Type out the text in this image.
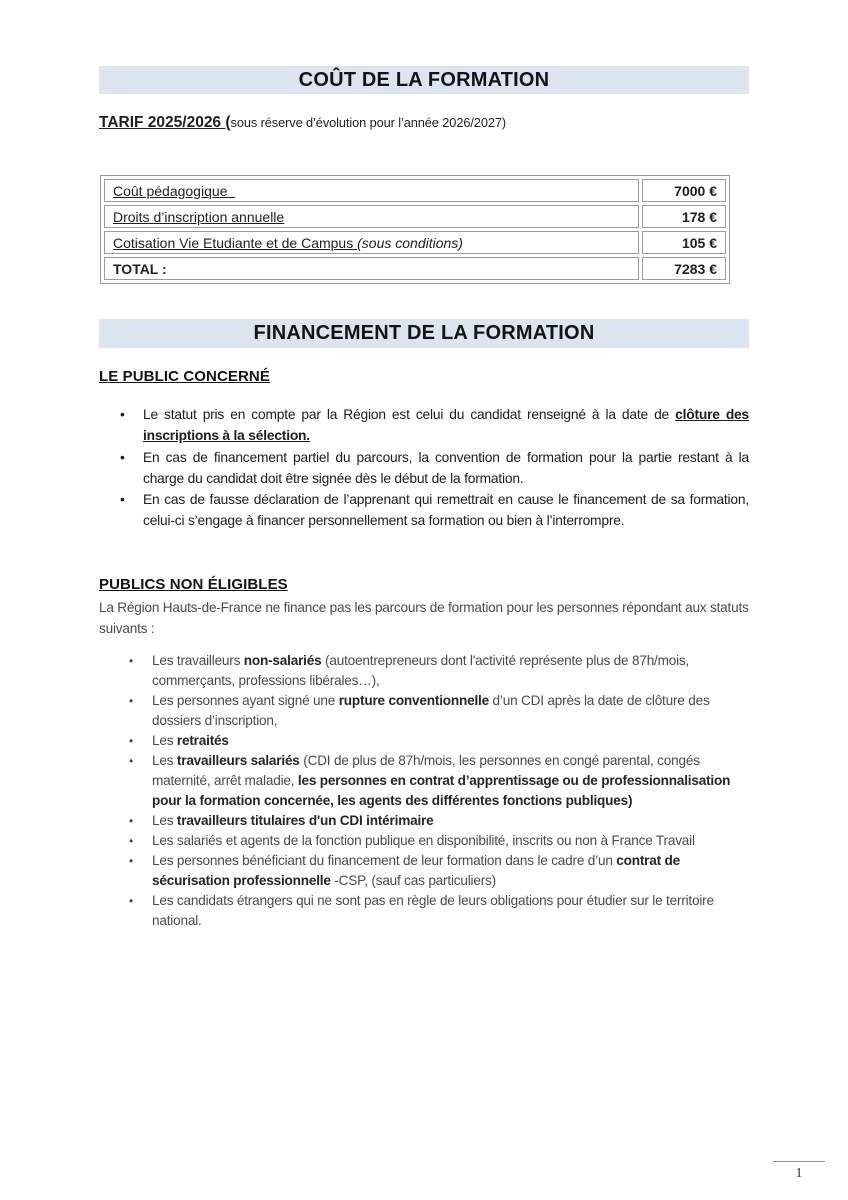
COÛT DE LA FORMATION
TARIF 2025/2026 (sous réserve d’évolution pour l’année 2026/2027)
Coût pédagogique	7000 €
Droits d’inscription annuelle	178 €
Cotisation Vie Etudiante et de Campus (sous conditions)	105 €
TOTAL :	7283 €
FINANCEMENT DE LA FORMATION
LE PUBLIC CONCERNÉ
• Le statut pris en compte par la Région est celui du candidat renseigné à la date de clôture des inscriptions à la sélection.
• En cas de financement partiel du parcours, la convention de formation pour la partie restant à la charge du candidat doit être signée dès le début de la formation.
• En cas de fausse déclaration de l’apprenant qui remettrait en cause le financement de sa formation, celui-ci s’engage à financer personnellement sa formation ou bien à l’interrompre.
PUBLICS NON ÉLIGIBLES
La Région Hauts-de-France ne finance pas les parcours de formation pour les personnes répondant aux statuts suivants :
• Les travailleurs non-salariés (autoentrepreneurs dont l'activité représente plus de 87h/mois, commerçants, professions libérales…),
• Les personnes ayant signé une rupture conventionnelle d’un CDI après la date de clôture des dossiers d’inscription,
• Les retraités
• Les travailleurs salariés (CDI de plus de 87h/mois, les personnes en congé parental, congés maternité, arrêt maladie, les personnes en contrat d’apprentissage ou de professionnalisation pour la formation concernée, les agents des différentes fonctions publiques)
• Les travailleurs titulaires d'un CDI intérimaire
• Les salariés et agents de la fonction publique en disponibilité, inscrits ou non à France Travail
• Les personnes bénéficiant du financement de leur formation dans le cadre d’un contrat de sécurisation professionnelle -CSP, (sauf cas particuliers)
• Les candidats étrangers qui ne sont pas en règle de leurs obligations pour étudier sur le territoire national.
1
